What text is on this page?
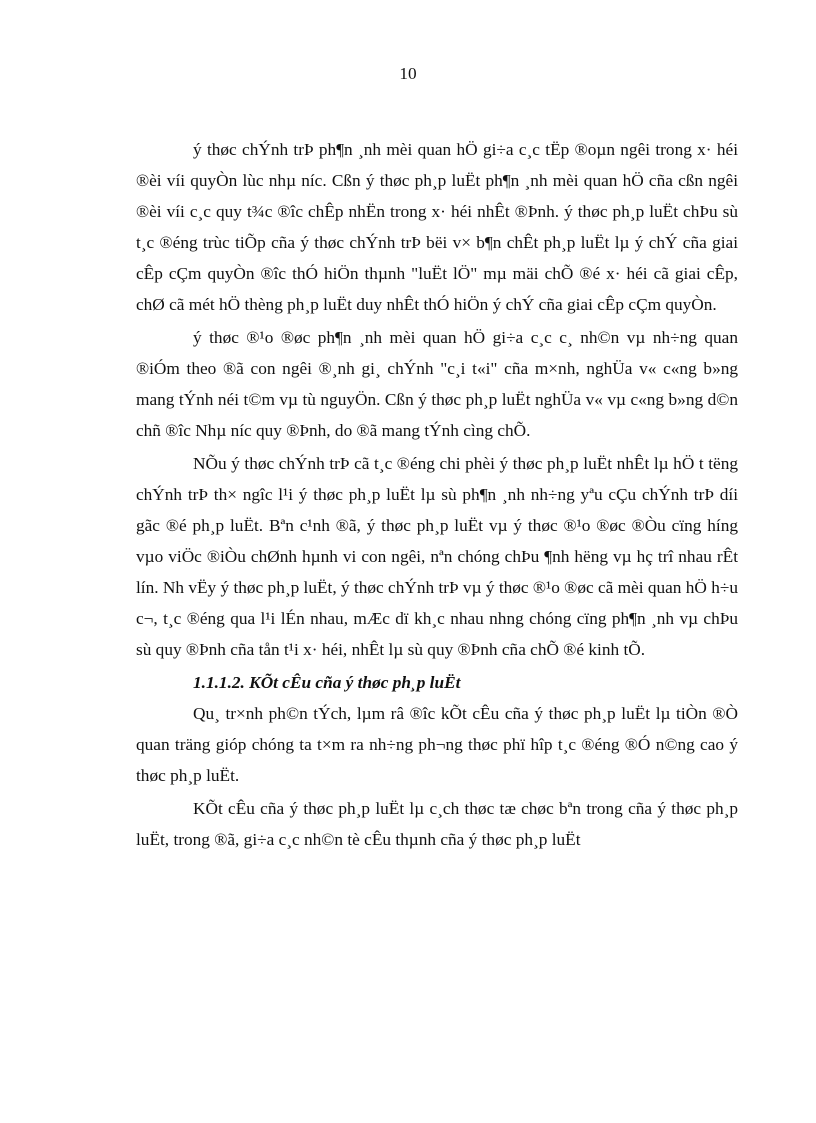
10

ý thøc chÝnh trÞ ph¶n ¸nh mèi quan hÖ gi÷a c¸c tËp ®oµn ngêi trong x· héi ®èi víi quyÒn lùc nhµ níc. Cßn ý thøc ph¸p luËt ph¶n ¸nh mèi quan hÖ cña cßn ngêi ®èi víi c¸c quy t¾c ®îc chÊp nhËn trong x· héi nhÊt ®Þnh. ý thøc ph¸p luËt chÞu sù t¸c ®éng trùc tiÕp cña ý thøc chÝnh trÞ bëi v× b¶n chÊt ph¸p luËt lµ ý chÝ cña giai cÊp cÇm quyÒn ®îc thÓ hiÖn thµnh "luËt lÖ" mµ mäi chÕ ®é x· héi cã giai cÊp, chØ cã mét hÖ thèng ph¸p luËt duy nhÊt thÓ hiÖn ý chÝ cña giai cÊp cÇm quyÒn.

ý thøc ®¹o ®øc ph¶n ¸nh mèi quan hÖ gi÷a c¸c c¸ nh©n vµ nh÷ng quan ®iÓm theo ®ã con ngêi ®¸nh gi¸ chÝnh "c¸i t«i" cña m×nh, nghÜa v« c«ng b»ng mang tÝnh néi t©m vµ tù nguyÖn. Cßn ý thøc ph¸p luËt nghÜa v« vµ c«ng b»ng d©n chñ ®îc Nhµ níc quy ®Þnh, do ®ã mang tÝnh cìng chÕ.

NÕu ý thøc chÝnh trÞ cã t¸c ®éng chi phèi ý thøc ph¸p luËt nhÊt lµ hÖ t tëng chÝnh trÞ th× ngîc l¹i ý thøc ph¸p luËt lµ sù ph¶n ¸nh nh÷ng yªu cÇu chÝnh trÞ díi gãc ®é ph¸p luËt. Bªn c¹nh ®ã, ý thøc ph¸p luËt vµ ý thøc ®¹o ®øc ®Òu cïng híng vµo viÖc ®iÒu chØnh hµnh vi con ngêi, nªn chóng chÞu ¶nh hëng vµ hç trî nhau rÊt lín. Nh vËy ý thøc ph¸p luËt, ý thøc chÝnh trÞ vµ ý thøc ®¹o ®øc cã mèi quan hÖ h÷u c¬, t¸c ®éng qua l¹i lÉn nhau, mÆc dï kh¸c nhau nhng chóng cïng ph¶n ¸nh vµ chÞu sù quy ®Þnh cña tån t¹i x· héi, nhÊt lµ sù quy ®Þnh cña chÕ ®é kinh tÕ.

1.1.1.2. KÕt cÊu cña ý thøc ph¸p luËt

Qu¸ tr×nh ph©n tÝch, lµm râ ®îc kÕt cÊu cña ý thøc ph¸p luËt lµ tiÒn ®Ò quan träng gióp chóng ta t×m ra nh÷ng ph¬ng thøc phï hîp t¸c ®éng ®Ó n©ng cao ý thøc ph¸p luËt.

KÕt cÊu cña ý thøc ph¸p luËt lµ c¸ch thøc tæ chøc bªn trong cña ý thøc ph¸p luËt, trong ®ã, gi÷a c¸c nh©n tè cÊu thµnh cña ý thøc ph¸p luËt
